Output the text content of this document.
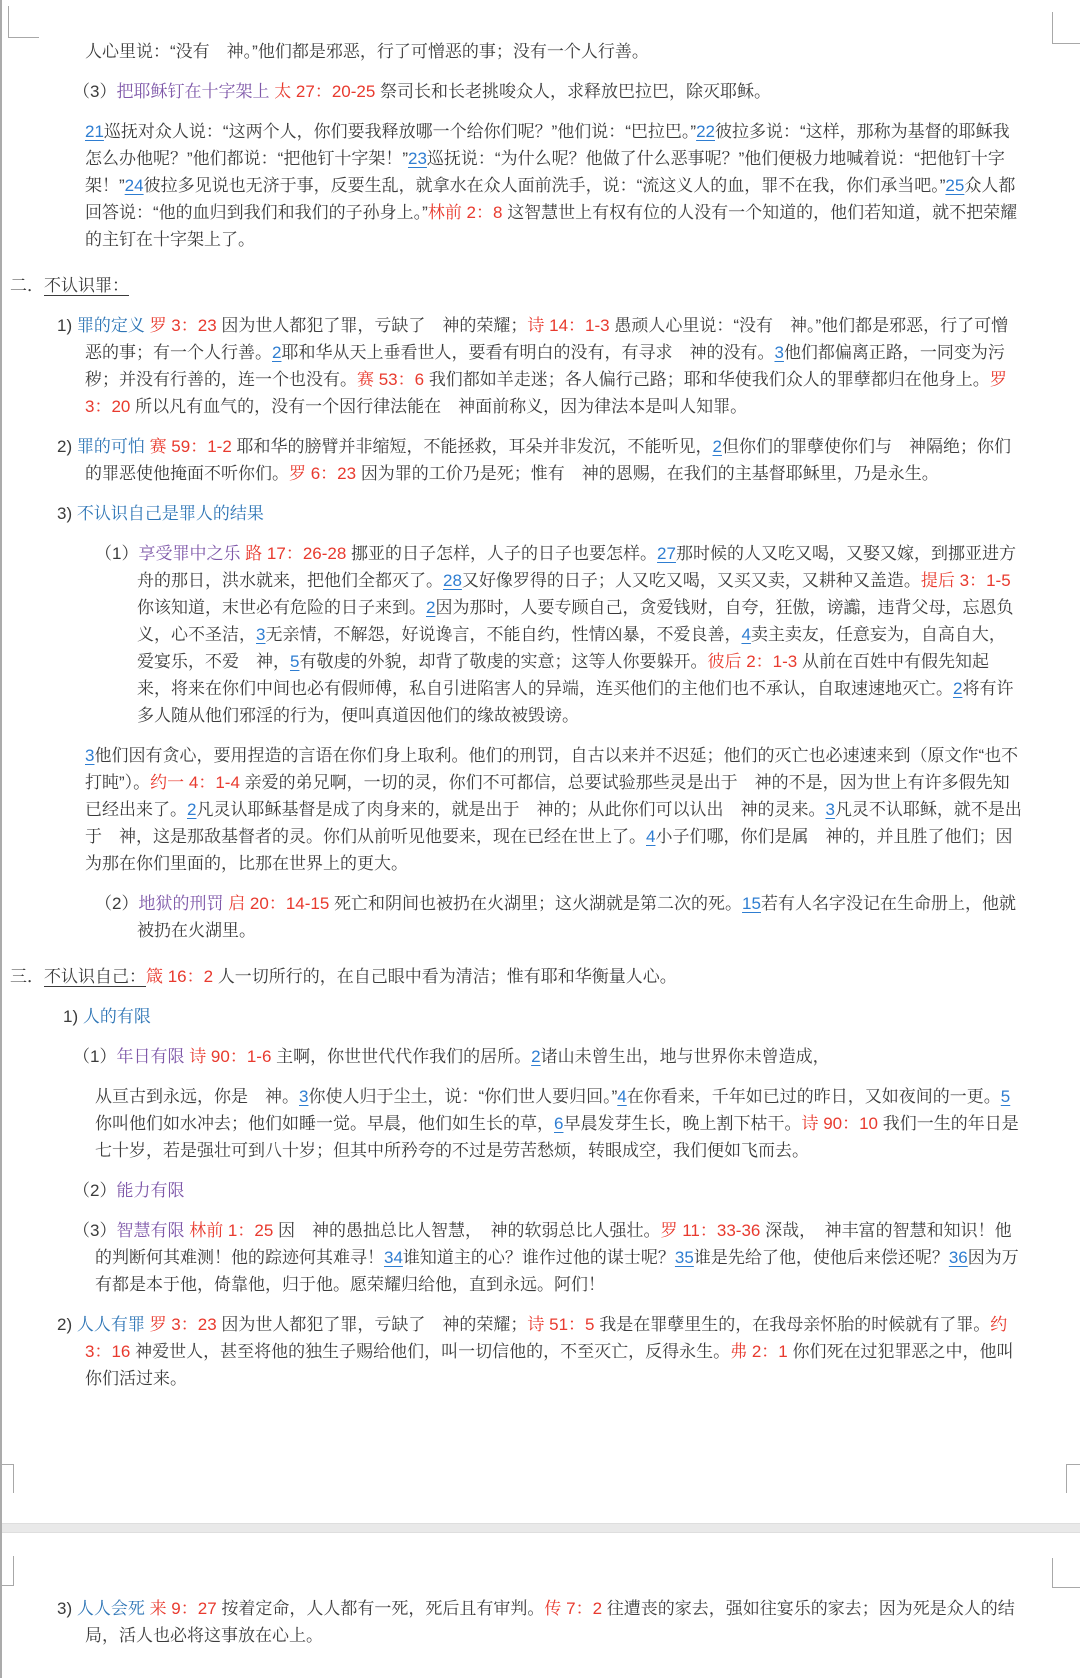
人心里说：“没有　神。”他们都是邪恶，行了可憎恶的事；没有一个人行善。

（3）把耶稣钉在十字架上 太 27：20-25 祭司长和长老挑唆众人，求释放巴拉巴，除灭耶稣。

21巡抚对众人说：“这两个人，你们要我释放哪一个给你们呢？”他们说：“巴拉巴。”22彼拉多说：“这样，那称为基督的耶稣我怎么办他呢？”他们都说：“把他钉十字架！”23巡抚说：“为什么呢？他做了什么恶事呢？”他们便极力地喊着说：“把他钉十字架！”24彼拉多见说也无济于事，反要生乱，就拿水在众人面前洗手，说：“流这义人的血，罪不在我，你们承当吧。”25众人都回答说：“他的血归到我们和我们的子孙身上。”林前 2：8 这智慧世上有权有位的人没有一个知道的，他们若知道，就不把荣耀的主钉在十字架上了。

二．不认识罪：

1) 罪的定义 罗 3：23 因为世人都犯了罪，亏缺了　神的荣耀；诗 14：1-3 愚顽人心里说：“没有　神。”他们都是邪恶，行了可憎恶的事；有一个人行善。2耶和华从天上垂看世人，要看有明白的没有，有寻求　神的没有。3他们都偏离正路，一同变为污秽；并没有行善的，连一个也没有。赛 53：6 我们都如羊走迷；各人偏行己路；耶和华使我们众人的罪孽都归在他身上。罗 3：20 所以凡有血气的，没有一个因行律法能在　神面前称义，因为律法本是叫人知罪。

2) 罪的可怕 赛 59：1-2 耶和华的膀臂并非缩短，不能拯救，耳朵并非发沉，不能听见，2但你们的罪孽使你们与　神隔绝；你们的罪恶使他掩面不听你们。罗 6：23 因为罪的工价乃是死；惟有　神的恩赐，在我们的主基督耶稣里，乃是永生。

3) 不认识自己是罪人的结果

（1）享受罪中之乐 路 17：26-28 挪亚的日子怎样，人子的日子也要怎样。27那时候的人又吃又喝，又娶又嫁，到挪亚进方舟的那日，洪水就来，把他们全都灭了。28又好像罗得的日子；人又吃又喝，又买又卖，又耕种又盖造。提后 3：1-5 你该知道，末世必有危险的日子来到。2因为那时，人要专顾自己，贪爱钱财，自夸，狂傲，谤讟，违背父母，忘恩负义，心不圣洁，3无亲情，不解怨，好说谗言，不能自约，性情凶暴，不爱良善，4卖主卖友，任意妄为，自高自大，爱宴乐，不爱　神，5有敬虔的外貌，却背了敬虔的实意；这等人你要躲开。彼后 2：1-3 从前在百姓中有假先知起来，将来在你们中间也必有假师傅，私自引进陷害人的异端，连买他们的主他们也不承认，自取速速地灭亡。2将有许多人随从他们邪淫的行为，便叫真道因他们的缘故被毁谤。

3他们因有贪心，要用捏造的言语在你们身上取利。他们的刑罚，自古以来并不迟延；他们的灭亡也必速速来到（原文作“也不打盹”）。约一 4：1-4 亲爱的弟兄啊，一切的灵，你们不可都信，总要试验那些灵是出于　神的不是，因为世上有许多假先知已经出来了。2凡灵认耶稣基督是成了肉身来的，就是出于　神的；从此你们可以认出　神的灵来。3凡灵不认耶稣，就不是出于　神，这是那敌基督者的灵。你们从前听见他要来，现在已经在世上了。4小子们哪，你们是属　神的，并且胜了他们；因为那在你们里面的，比那在世界上的更大。

（2）地狱的刑罚 启 20：14-15 死亡和阴间也被扔在火湖里；这火湖就是第二次的死。15若有人名字没记在生命册上，他就被扔在火湖里。

三．不认识自己：箴 16：2 人一切所行的，在自己眼中看为清洁；惟有耶和华衡量人心。

1) 人的有限

（1）年日有限 诗 90：1-6 主啊，你世世代代作我们的居所。2诸山未曾生出，地与世界你未曾造成，

从亘古到永远，你是　神。3你使人归于尘土，说：“你们世人要归回。”4在你看来，千年如已过的昨日，又如夜间的一更。5你叫他们如水冲去；他们如睡一觉。早晨，他们如生长的草，6早晨发芽生长，晚上割下枯干。诗 90：10 我们一生的年日是七十岁，若是强壮可到八十岁；但其中所矜夸的不过是劳苦愁烦，转眼成空，我们便如飞而去。

（2）能力有限

（3）智慧有限 林前 1：25 因　神的愚拙总比人智慧，　神的软弱总比人强壮。罗 11：33-36 深哉，　神丰富的智慧和知识！他的判断何其难测！他的踪迹何其难寻！34谁知道主的心？谁作过他的谋士呢？35谁是先给了他，使他后来偿还呢？36因为万有都是本于他，倚靠他，归于他。愿荣耀归给他，直到永远。阿们！

2) 人人有罪 罗 3：23 因为世人都犯了罪，亏缺了　神的荣耀；诗 51：5 我是在罪孽里生的，在我母亲怀胎的时候就有了罪。约 3：16 神爱世人，甚至将他的独生子赐给他们，叫一切信他的，不至灭亡，反得永生。弗 2：1 你们死在过犯罪恶之中，他叫你们活过来。

3) 人人会死 来 9：27 按着定命，人人都有一死，死后且有审判。传 7：2 往遭丧的家去，强如往宴乐的家去；因为死是众人的结局，活人也必将这事放在心上。
